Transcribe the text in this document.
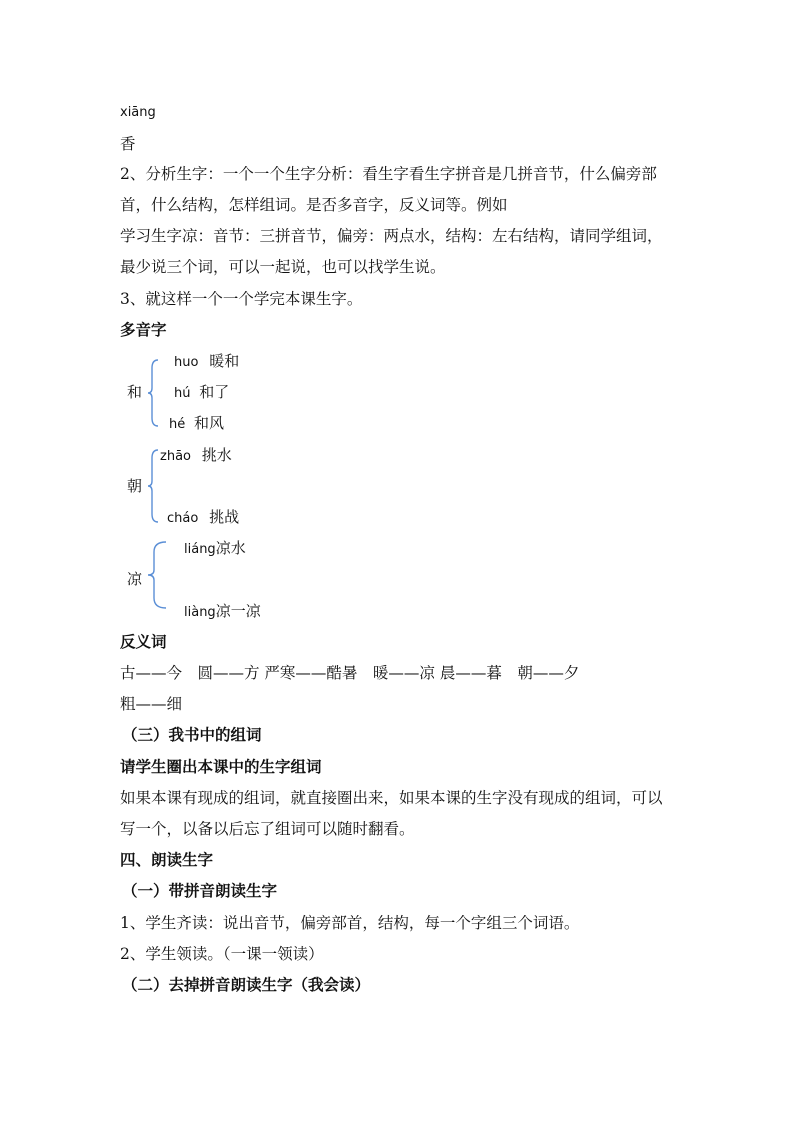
xiāng
香
2、分析生字：一个一个生字分析：看生字看生字拼音是几拼音节，什么偏旁部
首，什么结构，怎样组词。是否多音字，反义词等。例如
学习生字凉：音节：三拼音节，偏旁：两点水，结构：左右结构，请同学组词，
最少说三个词，可以一起说，也可以找学生说。
3、就这样一个一个学完本课生字。
多音字
和
huo 暖和
hú 和了
hé 和风
朝
zhāo 挑水
cháo 挑战
凉
liáng凉水
liàng凉一凉
反义词
古——今　圆——方 严寒——酷暑　暖——凉 晨——暮　朝——夕
粗——细
（三）我书中的组词
请学生圈出本课中的生字组词
如果本课有现成的组词，就直接圈出来，如果本课的生字没有现成的组词，可以
写一个，以备以后忘了组词可以随时翻看。
四、朗读生字
（一）带拼音朗读生字
1、学生齐读：说出音节，偏旁部首，结构，每一个字组三个词语。
2、学生领读。（一课一领读）
（二）去掉拼音朗读生字（我会读）
